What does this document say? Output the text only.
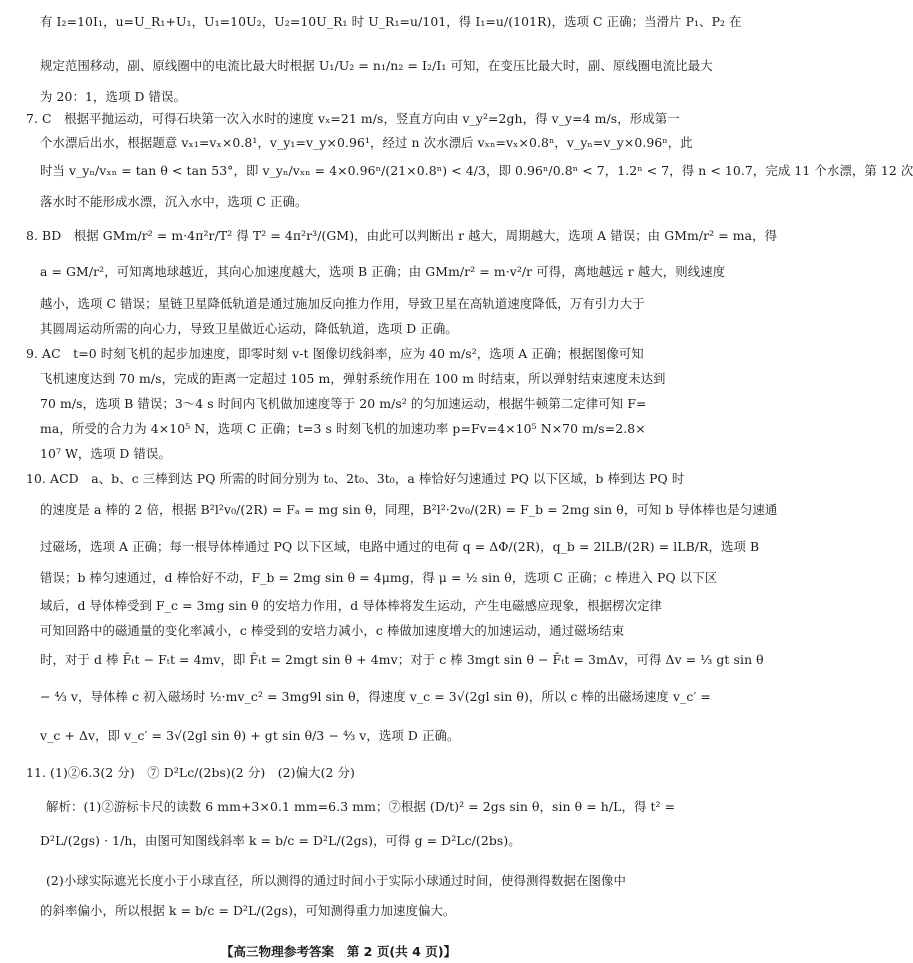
有 I₂=10I₁，u=U_R₁+U₁，U₁=10U₂，U₂=10U_R₁ 时 U_R₁=u/101，得 I₁=u/(101R)，选项 C 正确；当滑片 P₁、P₂ 在
规定范围移动，副、原线圈中的电流比最大时根据 U₁/U₂ = n₁/n₂ = I₂/I₁ 可知，在变压比最大时，副、原线圈电流比最大
为 20：1，选项 D 错误。
7. C　根据平抛运动，可得石块第一次入水时的速度 vₓ=21 m/s，竖直方向由 v_y²=2gh，得 v_y=4 m/s，形成第一
个水漂后出水，根据题意 vₓ₁=vₓ×0.8¹，v_y₁=v_y×0.96¹，经过 n 次水漂后 vₓₙ=vₓ×0.8ⁿ，v_yₙ=v_y×0.96ⁿ，此
时当 v_yₙ/vₓₙ = tan θ < tan 53°，即 v_yₙ/vₓₙ = 4×0.96ⁿ/(21×0.8ⁿ) < 4/3，即 0.96ⁿ/0.8ⁿ < 7，1.2ⁿ < 7，得 n < 10.7，完成 11 个水漂，第 12 次
落水时不能形成水漂，沉入水中，选项 C 正确。
8. BD　根据 GMm/r² = m·4π²r/T² 得 T² = 4π²r³/(GM)，由此可以判断出 r 越大，周期越大，选项 A 错误；由 GMm/r² = ma，得
a = GM/r²，可知离地球越近，其向心加速度越大，选项 B 正确；由 GMm/r² = m·v²/r 可得，离地越远 r 越大，则线速度
越小，选项 C 错误；星链卫星降低轨道是通过施加反向推力作用，导致卫星在高轨道速度降低，万有引力大于
其圆周运动所需的向心力，导致卫星做近心运动，降低轨道，选项 D 正确。
9. AC　t=0 时刻飞机的起步加速度，即零时刻 v-t 图像切线斜率，应为 40 m/s²，选项 A 正确；根据图像可知
飞机速度达到 70 m/s，完成的距离一定超过 105 m，弹射系统作用在 100 m 时结束，所以弹射结束速度未达到
70 m/s，选项 B 错误；3～4 s 时间内飞机做加速度等于 20 m/s² 的匀加速运动，根据牛顿第二定律可知 F=
ma，所受的合力为 4×10⁵ N，选项 C 正确；t=3 s 时刻飞机的加速功率 p=Fv=4×10⁵ N×70 m/s=2.8×
10⁷ W，选项 D 错误。
10. ACD　a、b、c 三棒到达 PQ 所需的时间分别为 t₀、2t₀、3t₀，a 棒恰好匀速通过 PQ 以下区域，b 棒到达 PQ 时
的速度是 a 棒的 2 倍，根据 B²l²v₀/(2R) = Fₐ = mg sin θ，同理，B²l²·2v₀/(2R) = F_b = 2mg sin θ，可知 b 导体棒也是匀速通
过磁场，选项 A 正确；每一根导体棒通过 PQ 以下区域，电路中通过的电荷 q = ΔΦ/(2R)，q_b = 2lLB/(2R) = lLB/R，选项 B
错误；b 棒匀速通过，d 棒恰好不动，F_b = 2mg sin θ = 4μmg，得 μ = ½ sin θ，选项 C 正确；c 棒进入 PQ 以下区
域后，d 导体棒受到 F_c = 3mg sin θ 的安培力作用，d 导体棒将发生运动，产生电磁感应现象，根据楞次定律
可知回路中的磁通量的变化率减小，c 棒受到的安培力减小，c 棒做加速度增大的加速运动，通过磁场结束
时，对于 d 棒 F̄ₜt − Fₜt = 4mv，即 F̄ₜt = 2mgt sin θ + 4mv；对于 c 棒 3mgt sin θ − F̄ₜt = 3mΔv，可得 Δv = ⅓ gt sin θ
− ⁴⁄₃ v，导体棒 c 初入磁场时 ½·mv_c² = 3mg9l sin θ，得速度 v_c = 3√(2gl sin θ)，所以 c 棒的出磁场速度 v_c′ =
v_c + Δv，即 v_c′ = 3√(2gl sin θ) + gt sin θ/3 − ⁴⁄₃ v，选项 D 正确。
11. (1)②6.3(2 分)　⑦ D²Lc/(2bs)(2 分)　(2)偏大(2 分)
解析：(1)②游标卡尺的读数 6 mm+3×0.1 mm=6.3 mm；⑦根据 (D/t)² = 2gs sin θ，sin θ = h/L，得 t² =
D²L/(2gs) · 1/h，由图可知图线斜率 k = b/c = D²L/(2gs)，可得 g = D²Lc/(2bs)。
(2)小球实际遮光长度小于小球直径，所以测得的通过时间小于实际小球通过时间，使得测得数据在图像中
的斜率偏小，所以根据 k = b/c = D²L/(2gs)，可知测得重力加速度偏大。
【高三物理参考答案　第 2 页(共 4 页)】
